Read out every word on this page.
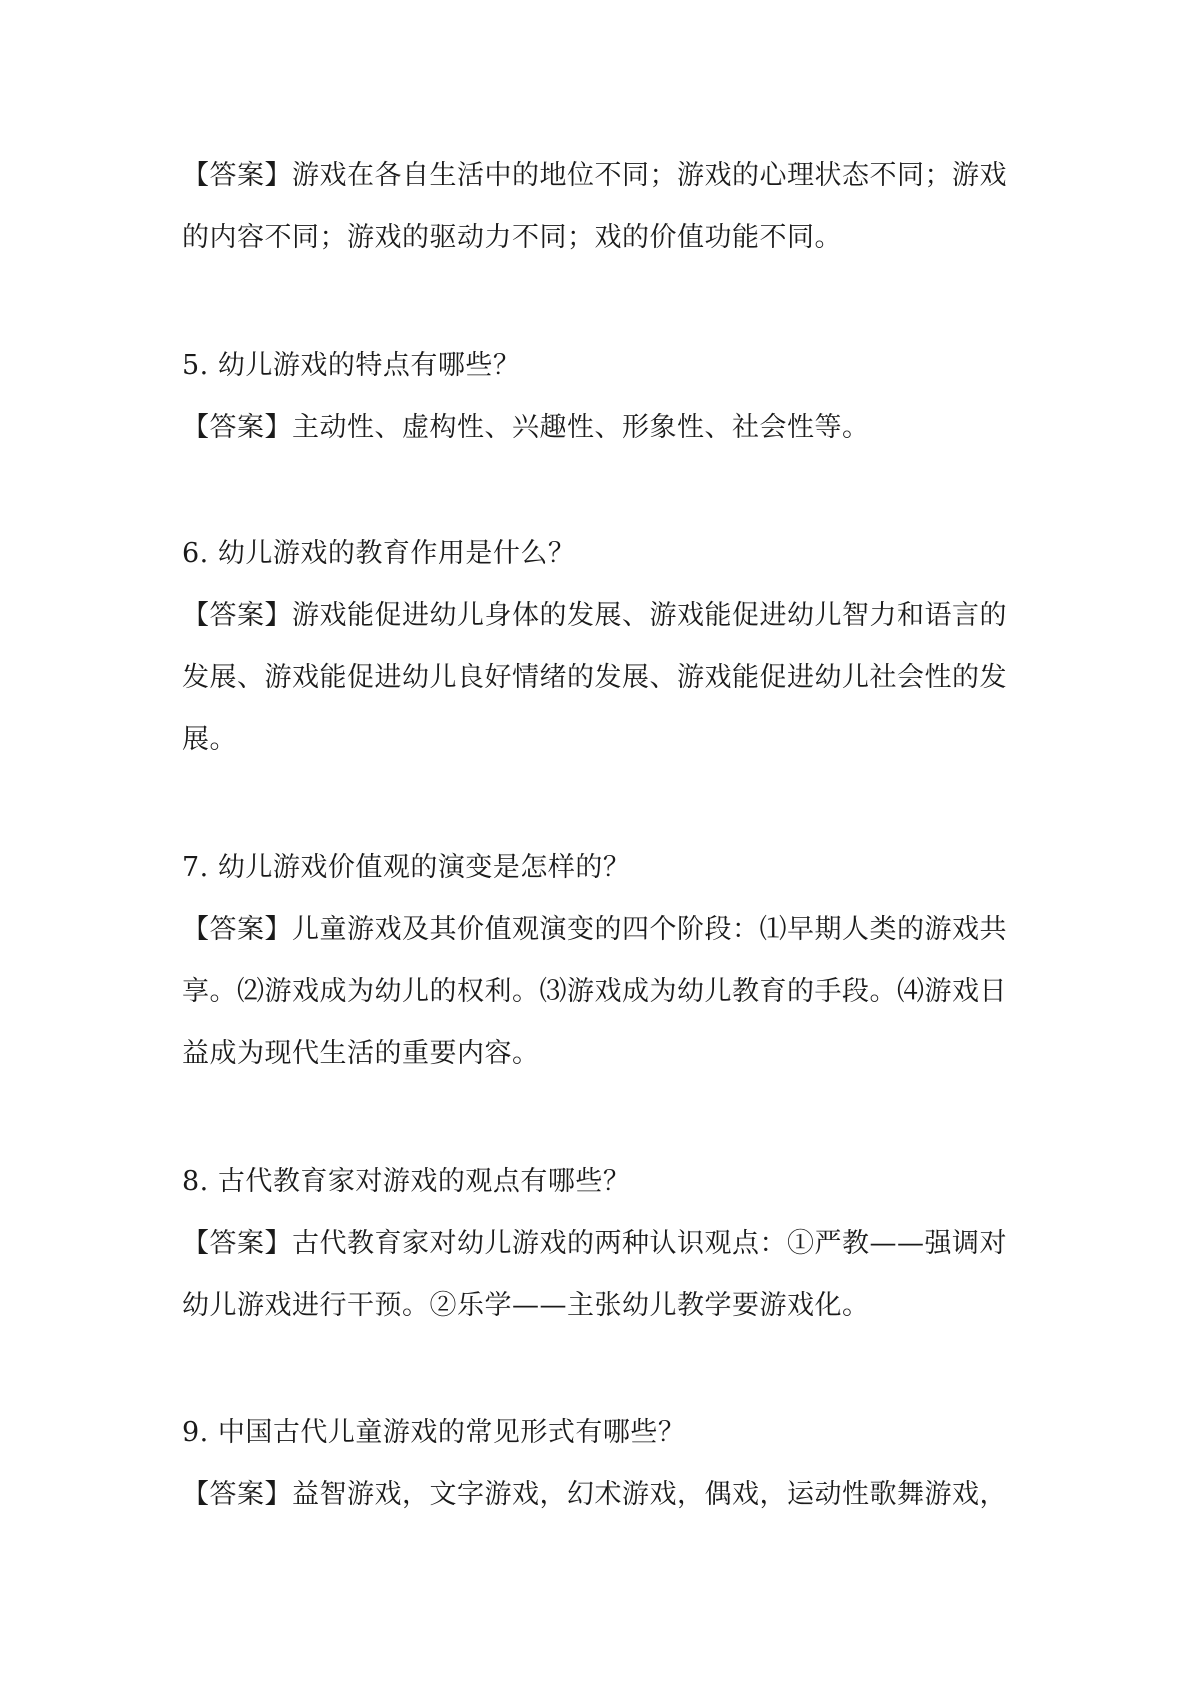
【答案】游戏在各自生活中的地位不同；游戏的心理状态不同；游戏
的内容不同；游戏的驱动力不同；戏的价值功能不同。
5. 幼儿游戏的特点有哪些？
【答案】主动性、虚构性、兴趣性、形象性、社会性等。
6. 幼儿游戏的教育作用是什么？
【答案】游戏能促进幼儿身体的发展、游戏能促进幼儿智力和语言的
发展、游戏能促进幼儿良好情绪的发展、游戏能促进幼儿社会性的发
展。
7. 幼儿游戏价值观的演变是怎样的？
【答案】儿童游戏及其价值观演变的四个阶段：⑴早期人类的游戏共
享。⑵游戏成为幼儿的权利。⑶游戏成为幼儿教育的手段。⑷游戏日
益成为现代生活的重要内容。
8. 古代教育家对游戏的观点有哪些？
【答案】古代教育家对幼儿游戏的两种认识观点：①严教——强调对
幼儿游戏进行干预。②乐学——主张幼儿教学要游戏化。
9. 中国古代儿童游戏的常见形式有哪些？
【答案】益智游戏，文字游戏，幻术游戏，偶戏，运动性歌舞游戏，
